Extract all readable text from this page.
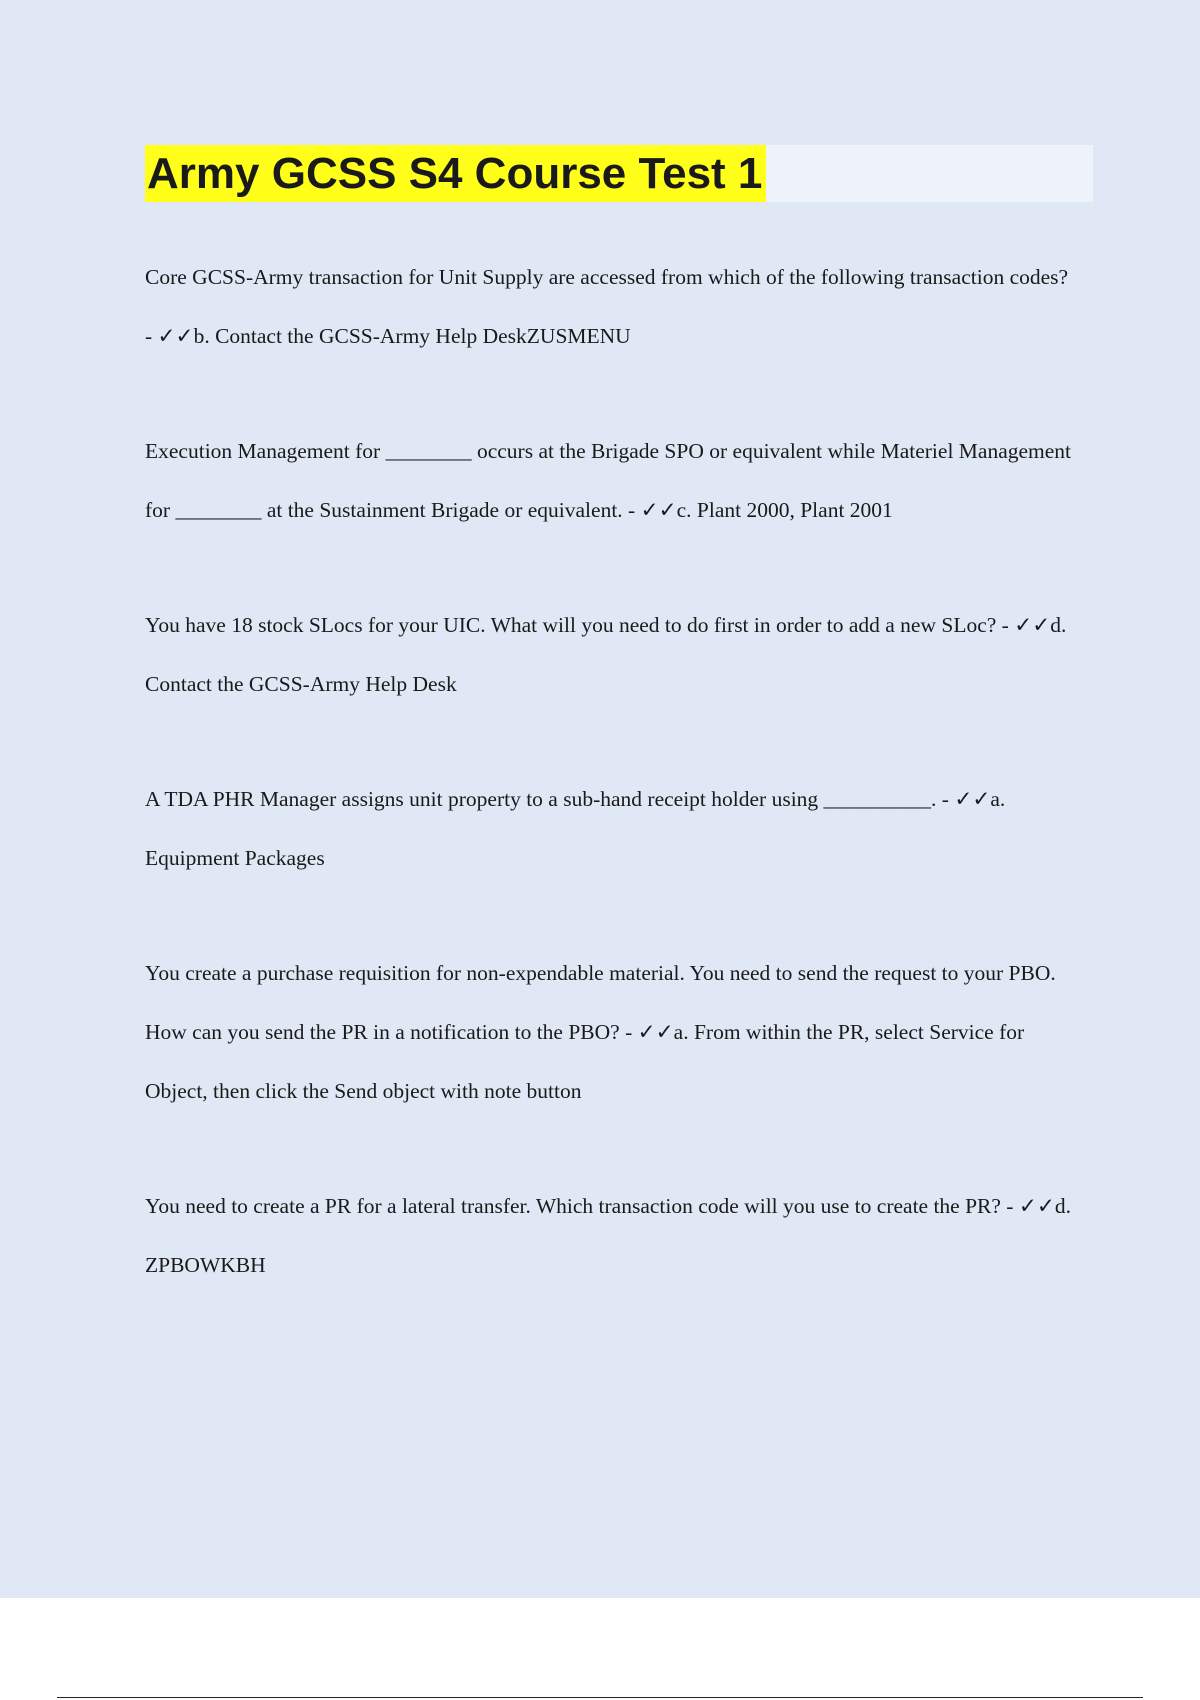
Army GCSS S4 Course Test 1

Core GCSS-Army transaction for Unit Supply are accessed from which of the following transaction codes? - ✓✓b. Contact the GCSS-Army Help DeskZUSMENU

Execution Management for ________ occurs at the Brigade SPO or equivalent while Materiel Management for ________ at the Sustainment Brigade or equivalent. - ✓✓c. Plant 2000, Plant 2001

You have 18 stock SLocs for your UIC. What will you need to do first in order to add a new SLoc? - ✓✓d. Contact the GCSS-Army Help Desk

A TDA PHR Manager assigns unit property to a sub-hand receipt holder using __________. - ✓✓a. Equipment Packages

You create a purchase requisition for non-expendable material. You need to send the request to your PBO. How can you send the PR in a notification to the PBO? - ✓✓a. From within the PR, select Service for Object, then click the Send object with note button

You need to create a PR for a lateral transfer. Which transaction code will you use to create the PR? - ✓✓d. ZPBOWKBH
